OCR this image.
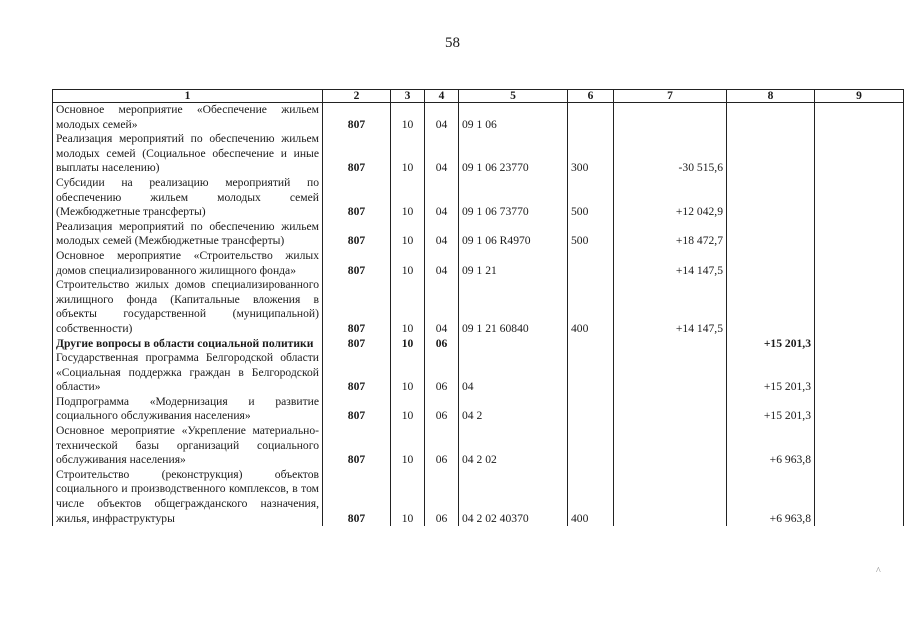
58
1	2	3	4	5	6	7	8	9
Основное мероприятие «Обеспечение жильем молодых семей»	807	10	04	09 1 06				
Реализация мероприятий по обеспечению жильем молодых семей (Социальное обеспечение и иные выплаты населению)	807	10	04	09 1 06 23770	300	-30 515,6		
Субсидии на реализацию мероприятий по обеспечению жильем молодых семей (Межбюджетные трансферты)	807	10	04	09 1 06 73770	500	+12 042,9		
Реализация мероприятий по обеспечению жильем молодых семей (Межбюджетные трансферты)	807	10	04	09 1 06 R4970	500	+18 472,7		
Основное мероприятие «Строительство жилых домов специализированного жилищного фонда»	807	10	04	09 1 21		+14 147,5		
Строительство жилых домов специализированного жилищного фонда (Капитальные вложения в объекты государственной (муниципальной) собственности)	807	10	04	09 1 21 60840	400	+14 147,5		
Другие вопросы в области социальной политики	807	10	06				+15 201,3	
Государственная программа Белгородской области «Социальная поддержка граждан в Белгородской области»	807	10	06	04			+15 201,3	
Подпрограмма «Модернизация и развитие социального обслуживания населения»	807	10	06	04 2			+15 201,3	
Основное мероприятие «Укрепление материально-технической базы организаций социального обслуживания населения»	807	10	06	04 2 02			+6 963,8	
Строительство (реконструкция) объектов социального и производственного комплексов, в том числе объектов общегражданского назначения, жилья, инфраструктуры	807	10	06	04 2 02 40370	400		+6 963,8	
^
